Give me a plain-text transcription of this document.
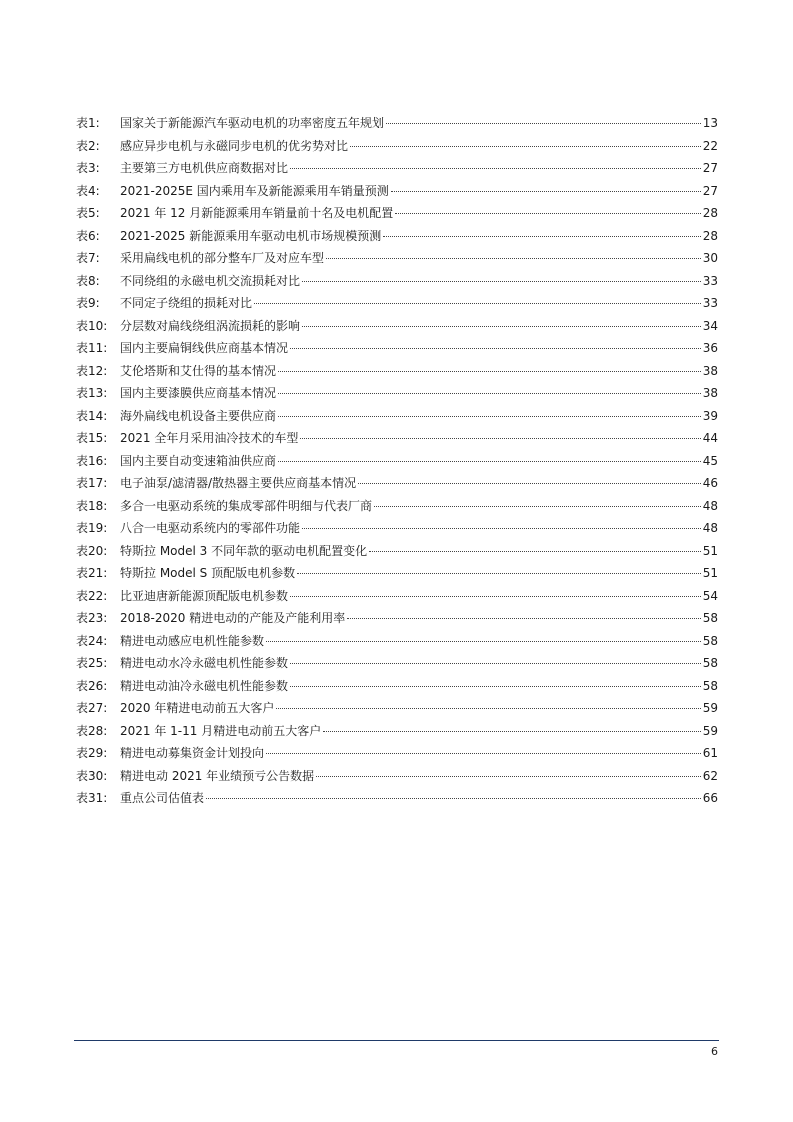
表1:	国家关于新能源汽车驱动电机的功率密度五年规划	13
表2:	感应异步电机与永磁同步电机的优劣势对比	22
表3:	主要第三方电机供应商数据对比	27
表4:	2021-2025E 国内乘用车及新能源乘用车销量预测	27
表5:	2021 年 12 月新能源乘用车销量前十名及电机配置	28
表6:	2021-2025 新能源乘用车驱动电机市场规模预测	28
表7:	采用扁线电机的部分整车厂及对应车型	30
表8:	不同绕组的永磁电机交流损耗对比	33
表9:	不同定子绕组的损耗对比	33
表10:	分层数对扁线绕组涡流损耗的影响	34
表11:	国内主要扁铜线供应商基本情况	36
表12:	艾伦塔斯和艾仕得的基本情况	38
表13:	国内主要漆膜供应商基本情况	38
表14:	海外扁线电机设备主要供应商	39
表15:	2021 全年月采用油冷技术的车型	44
表16:	国内主要自动变速箱油供应商	45
表17:	电子油泵/滤清器/散热器主要供应商基本情况	46
表18:	多合一电驱动系统的集成零部件明细与代表厂商	48
表19:	八合一电驱动系统内的零部件功能	48
表20:	特斯拉 Model 3 不同年款的驱动电机配置变化	51
表21:	特斯拉 Model S 顶配版电机参数	51
表22:	比亚迪唐新能源顶配版电机参数	54
表23:	2018-2020 精进电动的产能及产能利用率	58
表24:	精进电动感应电机性能参数	58
表25:	精进电动水冷永磁电机性能参数	58
表26:	精进电动油冷永磁电机性能参数	58
表27:	2020 年精进电动前五大客户	59
表28:	2021 年 1-11 月精进电动前五大客户	59
表29:	精进电动募集资金计划投向	61
表30:	精进电动 2021 年业绩预亏公告数据	62
表31:	重点公司估值表	66
6
